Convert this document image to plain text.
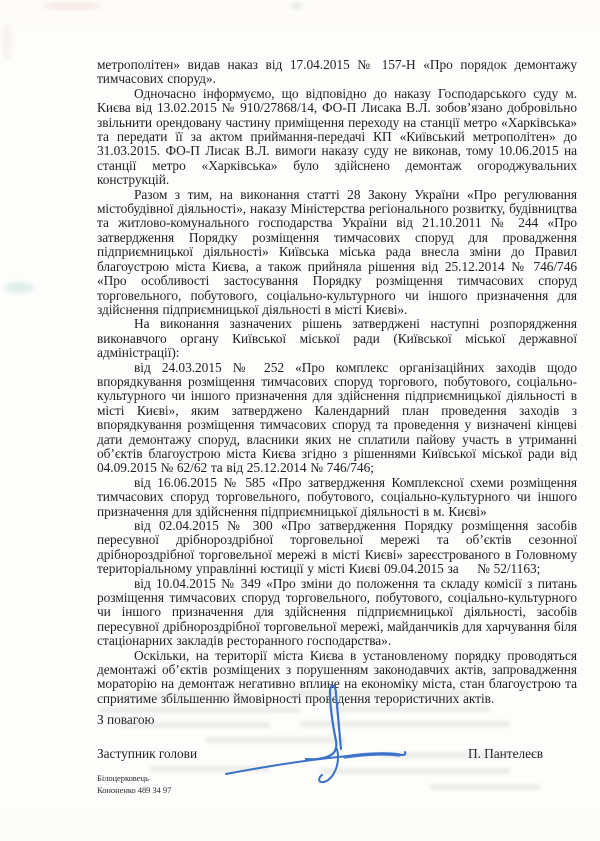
метрополітен» видав наказ від 17.04.2015 № 157-Н «Про порядок демонтажу тимчасових споруд».

Одночасно інформуємо, що відповідно до наказу Господарського суду м. Києва від 13.02.2015 № 910/27868/14, ФО-П Лисака В.Л. зобов’язано добровільно звільнити орендовану частину приміщення переходу на станції метро «Харківська» та передати її за актом приймання-передачі КП «Київський метрополітен» до 31.03.2015. ФО-П Лисак В.Л. вимоги наказу суду не виконав, тому 10.06.2015 на станції метро «Харківська» було здійснено демонтаж огороджувальних конструкцій.

Разом з тим, на виконання статті 28 Закону України «Про регулювання містобудівної діяльності», наказу Міністерства регіонального розвитку, будівництва та житлово-комунального господарства України від 21.10.2011 № 244 «Про затвердження Порядку розміщення тимчасових споруд для провадження підприємницької діяльності» Київська міська рада внесла зміни до Правил благоустрою міста Києва, а також прийняла рішення від 25.12.2014 № 746/746 «Про особливості застосування Порядку розміщення тимчасових споруд торговельного, побутового, соціально-культурного чи іншого призначення для здійснення підприємницької діяльності в місті Києві».

На виконання зазначених рішень затверджені наступні розпорядження виконавчого органу Київської міської ради (Київської міської державної адміністрації):

від 24.03.2015 № 252 «Про комплекс організаційних заходів щодо впорядкування розміщення тимчасових споруд торгового, побутового, соціально-культурного чи іншого призначення для здійснення підприємницької діяльності в місті Києві», яким затверджено Календарний план проведення заходів з впорядкування розміщення тимчасових споруд та проведення у визначені кінцеві дати демонтажу споруд, власники яких не сплатили пайову участь в утриманні об’єктів благоустрою міста Києва згідно з рішеннями Київської міської ради від 04.09.2015 № 62/62 та від 25.12.2014 № 746/746;

від 16.06.2015 № 585 «Про затвердження Комплексної схеми розміщення тимчасових споруд торговельного, побутового, соціально-культурного чи іншого призначення для здійснення підприємницької діяльності в м. Києві»

від 02.04.2015 № 300 «Про затвердження Порядку розміщення засобів пересувної дрібнороздрібної торговельної мережі та об’єктів сезонної дрібнороздрібної торговельної мережі в місті Києві» зареєстрованого в Головному територіальному управлінні юстиції у місті Києві 09.04.2015 за     № 52/1163;

від 10.04.2015 № 349 «Про зміни до положення та складу комісії з питань розміщення тимчасових споруд торговельного, побутового, соціально-культурного чи іншого призначення для здійснення підприємницької діяльності, засобів пересувної дрібнороздрібної торговельної мережі, майданчиків для харчування біля стаціонарних закладів ресторанного господарства».

Оскільки, на території міста Києва в установленому порядку проводяться демонтажі об’єктів розміщених з порушенням законодавчих актів, запровадження мораторію на демонтаж негативно вплине на економіку міста, стан благоустрою та сприятиме збільшенню ймовірності проведення терористичних актів.

З повагою

Заступник голови	П. Пантелеєв
Білоцерковець
Кононенко 489 34 97
